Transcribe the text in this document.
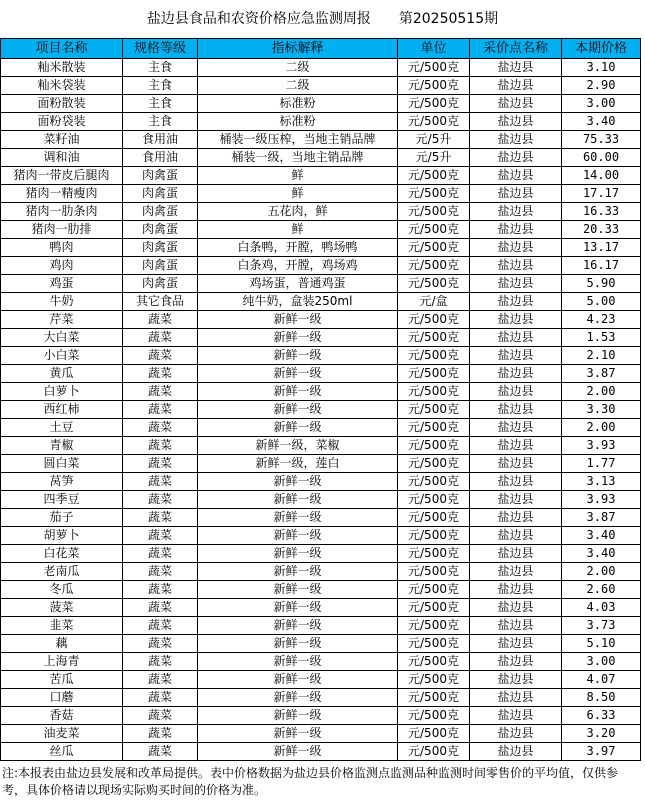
盐边县食品和农资价格应急监测周报　　第20250515期
项目名称	规格等级	指标解释	单位	采价点名称	本期价格
籼米散装	主食	二级	元/500克	盐边县	3.10
籼米袋装	主食	二级	元/500克	盐边县	2.90
面粉散装	主食	标准粉	元/500克	盐边县	3.00
面粉袋装	主食	标准粉	元/500克	盐边县	3.40
菜籽油	食用油	桶装一级压榨，当地主销品牌	元/5升	盐边县	75.33
调和油	食用油	桶装一级，当地主销品牌	元/5升	盐边县	60.00
猪肉一带皮后腿肉	肉禽蛋	鲜	元/500克	盐边县	14.00
猪肉一精瘦肉	肉禽蛋	鲜	元/500克	盐边县	17.17
猪肉一肋条肉	肉禽蛋	五花肉，鲜	元/500克	盐边县	16.33
猪肉一肋排	肉禽蛋	鲜	元/500克	盐边县	20.33
鸭肉	肉禽蛋	白条鸭，开膛，鸭场鸭	元/500克	盐边县	13.17
鸡肉	肉禽蛋	白条鸡，开膛，鸡场鸡	元/500克	盐边县	16.17
鸡蛋	肉禽蛋	鸡场蛋，普通鸡蛋	元/500克	盐边县	5.90
牛奶	其它食品	纯牛奶，盒装250ml	元/盒	盐边县	5.00
芹菜	蔬菜	新鲜一级	元/500克	盐边县	4.23
大白菜	蔬菜	新鲜一级	元/500克	盐边县	1.53
小白菜	蔬菜	新鲜一级	元/500克	盐边县	2.10
黄瓜	蔬菜	新鲜一级	元/500克	盐边县	3.87
白萝卜	蔬菜	新鲜一级	元/500克	盐边县	2.00
西红柿	蔬菜	新鲜一级	元/500克	盐边县	3.30
土豆	蔬菜	新鲜一级	元/500克	盐边县	2.00
青椒	蔬菜	新鲜一级，菜椒	元/500克	盐边县	3.93
圆白菜	蔬菜	新鲜一级，莲白	元/500克	盐边县	1.77
莴笋	蔬菜	新鲜一级	元/500克	盐边县	3.13
四季豆	蔬菜	新鲜一级	元/500克	盐边县	3.93
茄子	蔬菜	新鲜一级	元/500克	盐边县	3.87
胡萝卜	蔬菜	新鲜一级	元/500克	盐边县	3.40
白花菜	蔬菜	新鲜一级	元/500克	盐边县	3.40
老南瓜	蔬菜	新鲜一级	元/500克	盐边县	2.00
冬瓜	蔬菜	新鲜一级	元/500克	盐边县	2.60
菠菜	蔬菜	新鲜一级	元/500克	盐边县	4.03
韭菜	蔬菜	新鲜一级	元/500克	盐边县	3.73
藕	蔬菜	新鲜一级	元/500克	盐边县	5.10
上海青	蔬菜	新鲜一级	元/500克	盐边县	3.00
苦瓜	蔬菜	新鲜一级	元/500克	盐边县	4.07
口蘑	蔬菜	新鲜一级	元/500克	盐边县	8.50
香菇	蔬菜	新鲜一级	元/500克	盐边县	6.33
油麦菜	蔬菜	新鲜一级	元/500克	盐边县	3.20
丝瓜	蔬菜	新鲜一级	元/500克	盐边县	3.97
注:本报表由盐边县发展和改革局提供。表中价格数据为盐边县价格监测点监测品种监测时间零售价的平均值，仅供参考，具体价格请以现场实际购买时间的价格为准。
